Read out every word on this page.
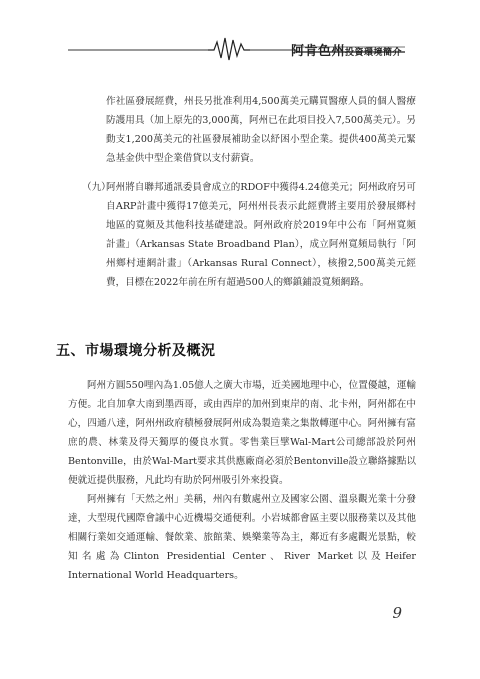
阿肯色州投資環境簡介
作社區發展經費，州長另批准利用4,500萬美元購買醫療人員的個人醫療防護用具（加上原先的3,000萬，阿州已在此項目投入7,500萬美元）。另動支1,200萬美元的社區發展補助金以紓困小型企業。提供400萬美元緊急基金供中型企業借貸以支付薪資。
（九）
阿州將自聯邦通訊委員會成立的RDOF中獲得4.24億美元；阿州政府另可自ARP計畫中獲得17億美元，阿州州長表示此經費將主要用於發展鄉村地區的寬頻及其他科技基礎建設。阿州政府於2019年中公布「阿州寬頻計畫」（Arkansas State Broadband Plan），成立阿州寬頻局執行「阿州鄉村連網計畫」（Arkansas Rural Connect），核撥2,500萬美元經費，目標在2022年前在所有超過500人的鄉鎮鋪設寬頻網路。
五、市場環境分析及概況
阿州方圓550哩內為1.05億人之廣大市場，近美國地理中心，位置優越，運輸方便。北自加拿大南到墨西哥，或由西岸的加州到東岸的南、北卡州，阿州都在中心，四通八達，阿州州政府積極發展阿州成為製造業之集散轉運中心。阿州擁有富庶的農、林業及得天獨厚的優良水質。零售業巨擘Wal-Mart公司總部設於阿州Bentonville，由於Wal-Mart要求其供應廠商必須於Bentonville設立聯絡據點以便就近提供服務，凡此均有助於阿州吸引外來投資。
阿州擁有「天然之州」美稱，州內有數處州立及國家公園、溫泉觀光業十分發達，大型現代國際會議中心近機場交通便利。小岩城都會區主要以服務業以及其他相關行業如交通運輸、餐飲業、旅館業、娛樂業等為主，鄰近有多處觀光景點，較知名處為Clinton Presidential Center、River Market以及Heifer International World Headquarters。
9
